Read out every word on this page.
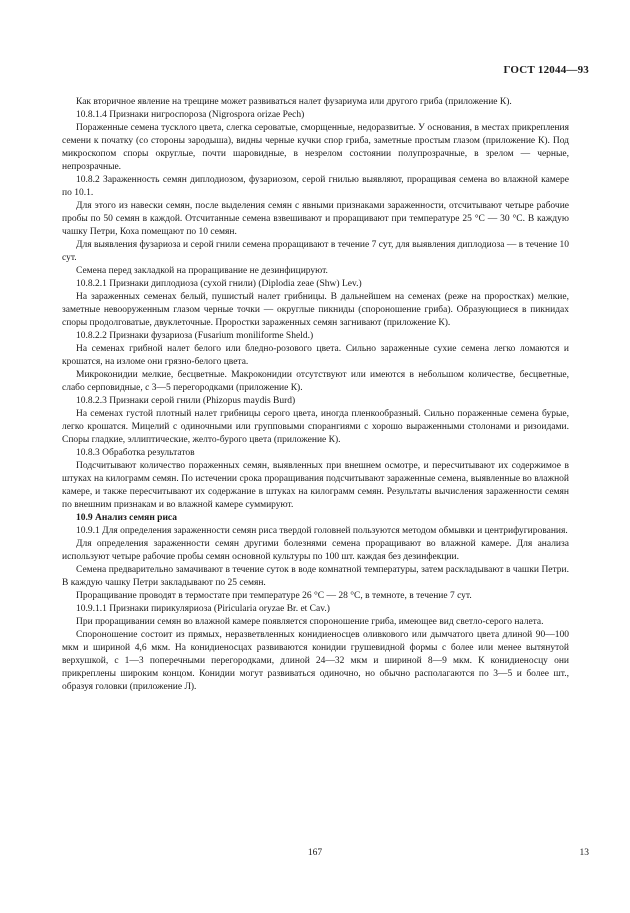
ГОСТ 12044—93

Как вторичное явление на трещине может развиваться налет фузариума или другого гриба (приложение К).

10.8.1.4 Признаки нигроспороза (Nigrospora orizae Pech)

Пораженные семена тусклого цвета, слегка сероватые, сморщенные, недоразвитые. У основания, в местах прикрепления семени к початку (со стороны зародыша), видны черные кучки спор гриба, заметные простым глазом (приложение К). Под микроскопом споры округлые, почти шаровидные, в незрелом состоянии полупрозрачные, в зрелом — черные, непрозрачные.

10.8.2 Зараженность семян диплодиозом, фузариозом, серой гнилью выявляют, проращивая семена во влажной камере по 10.1.

Для этого из навески семян, после выделения семян с явными признаками зараженности, отсчитывают четыре рабочие пробы по 50 семян в каждой. Отсчитанные семена взвешивают и проращивают при температуре 25 °С — 30 °С. В каждую чашку Петри, Коха помещают по 10 семян.

Для выявления фузариоза и серой гнили семена проращивают в течение 7 сут, для выявления диплодиоза — в течение 10 сут.

Семена перед закладкой на проращивание не дезинфицируют.

10.8.2.1 Признаки диплодиоза (сухой гнили) (Diplodia zeae (Shw) Lev.)

На зараженных семенах белый, пушистый налет грибницы. В дальнейшем на семенах (реже на проростках) мелкие, заметные невооруженным глазом черные точки — округлые пикниды (спороношение гриба). Образующиеся в пикнидах споры продолговатые, двуклеточные. Проростки зараженных семян загнивают (приложение К).

10.8.2.2 Признаки фузариоза (Fusarium moniliforme Sheld.)

На семенах грибной налет белого или бледно-розового цвета. Сильно зараженные сухие семена легко ломаются и крошатся, на изломе они грязно-белого цвета.

Микроконидии мелкие, бесцветные. Макроконидии отсутствуют или имеются в небольшом количестве, бесцветные, слабо серповидные, с 3—5 перегородками (приложение К).

10.8.2.3 Признаки серой гнили (Phizopus maydis Burd)

На семенах густой плотный налет грибницы серого цвета, иногда пленкообразный. Сильно пораженные семена бурые, легко крошатся. Мицелий с одиночными или групповыми спорангиями с хорошо выраженными столонами и ризоидами. Споры гладкие, эллиптические, желто-бурого цвета (приложение К).

10.8.3 Обработка результатов

Подсчитывают количество пораженных семян, выявленных при внешнем осмотре, и пересчитывают их содержимое в штуках на килограмм семян. По истечении срока проращивания подсчитывают зараженные семена, выявленные во влажной камере, и также пересчитывают их содержание в штуках на килограмм семян. Результаты вычисления зараженности семян по внешним признакам и во влажной камере суммируют.

10.9 Анализ семян риса

10.9.1 Для определения зараженности семян риса твердой головней пользуются методом обмывки и центрифугирования.

Для определения зараженности семян другими болезнями семена проращивают во влажной камере. Для анализа используют четыре рабочие пробы семян основной культуры по 100 шт. каждая без дезинфекции.

Семена предварительно замачивают в течение суток в воде комнатной температуры, затем раскладывают в чашки Петри. В каждую чашку Петри закладывают по 25 семян.

Проращивание проводят в термостате при температуре 26 °С — 28 °С, в темноте, в течение 7 сут.

10.9.1.1 Признаки пирикуляриоза (Piricularia oryzae Br. et Cav.)

При проращивании семян во влажной камере появляется спороношение гриба, имеющее вид светло-серого налета.

Спороношение состоит из прямых, неразветвленных конидиеносцев оливкового или дымчатого цвета длиной 90—100 мкм и шириной 4,6 мкм. На конидиеносцах развиваются конидии грушевидной формы с более или менее вытянутой верхушкой, с 1—3 поперечными перегородками, длиной 24—32 мкм и шириной 8—9 мкм. К конидиеносцу они прикреплены широким концом. Конидии могут развиваться одиночно, но обычно располагаются по 3—5 и более шт., образуя головки (приложение Л).

167	13
